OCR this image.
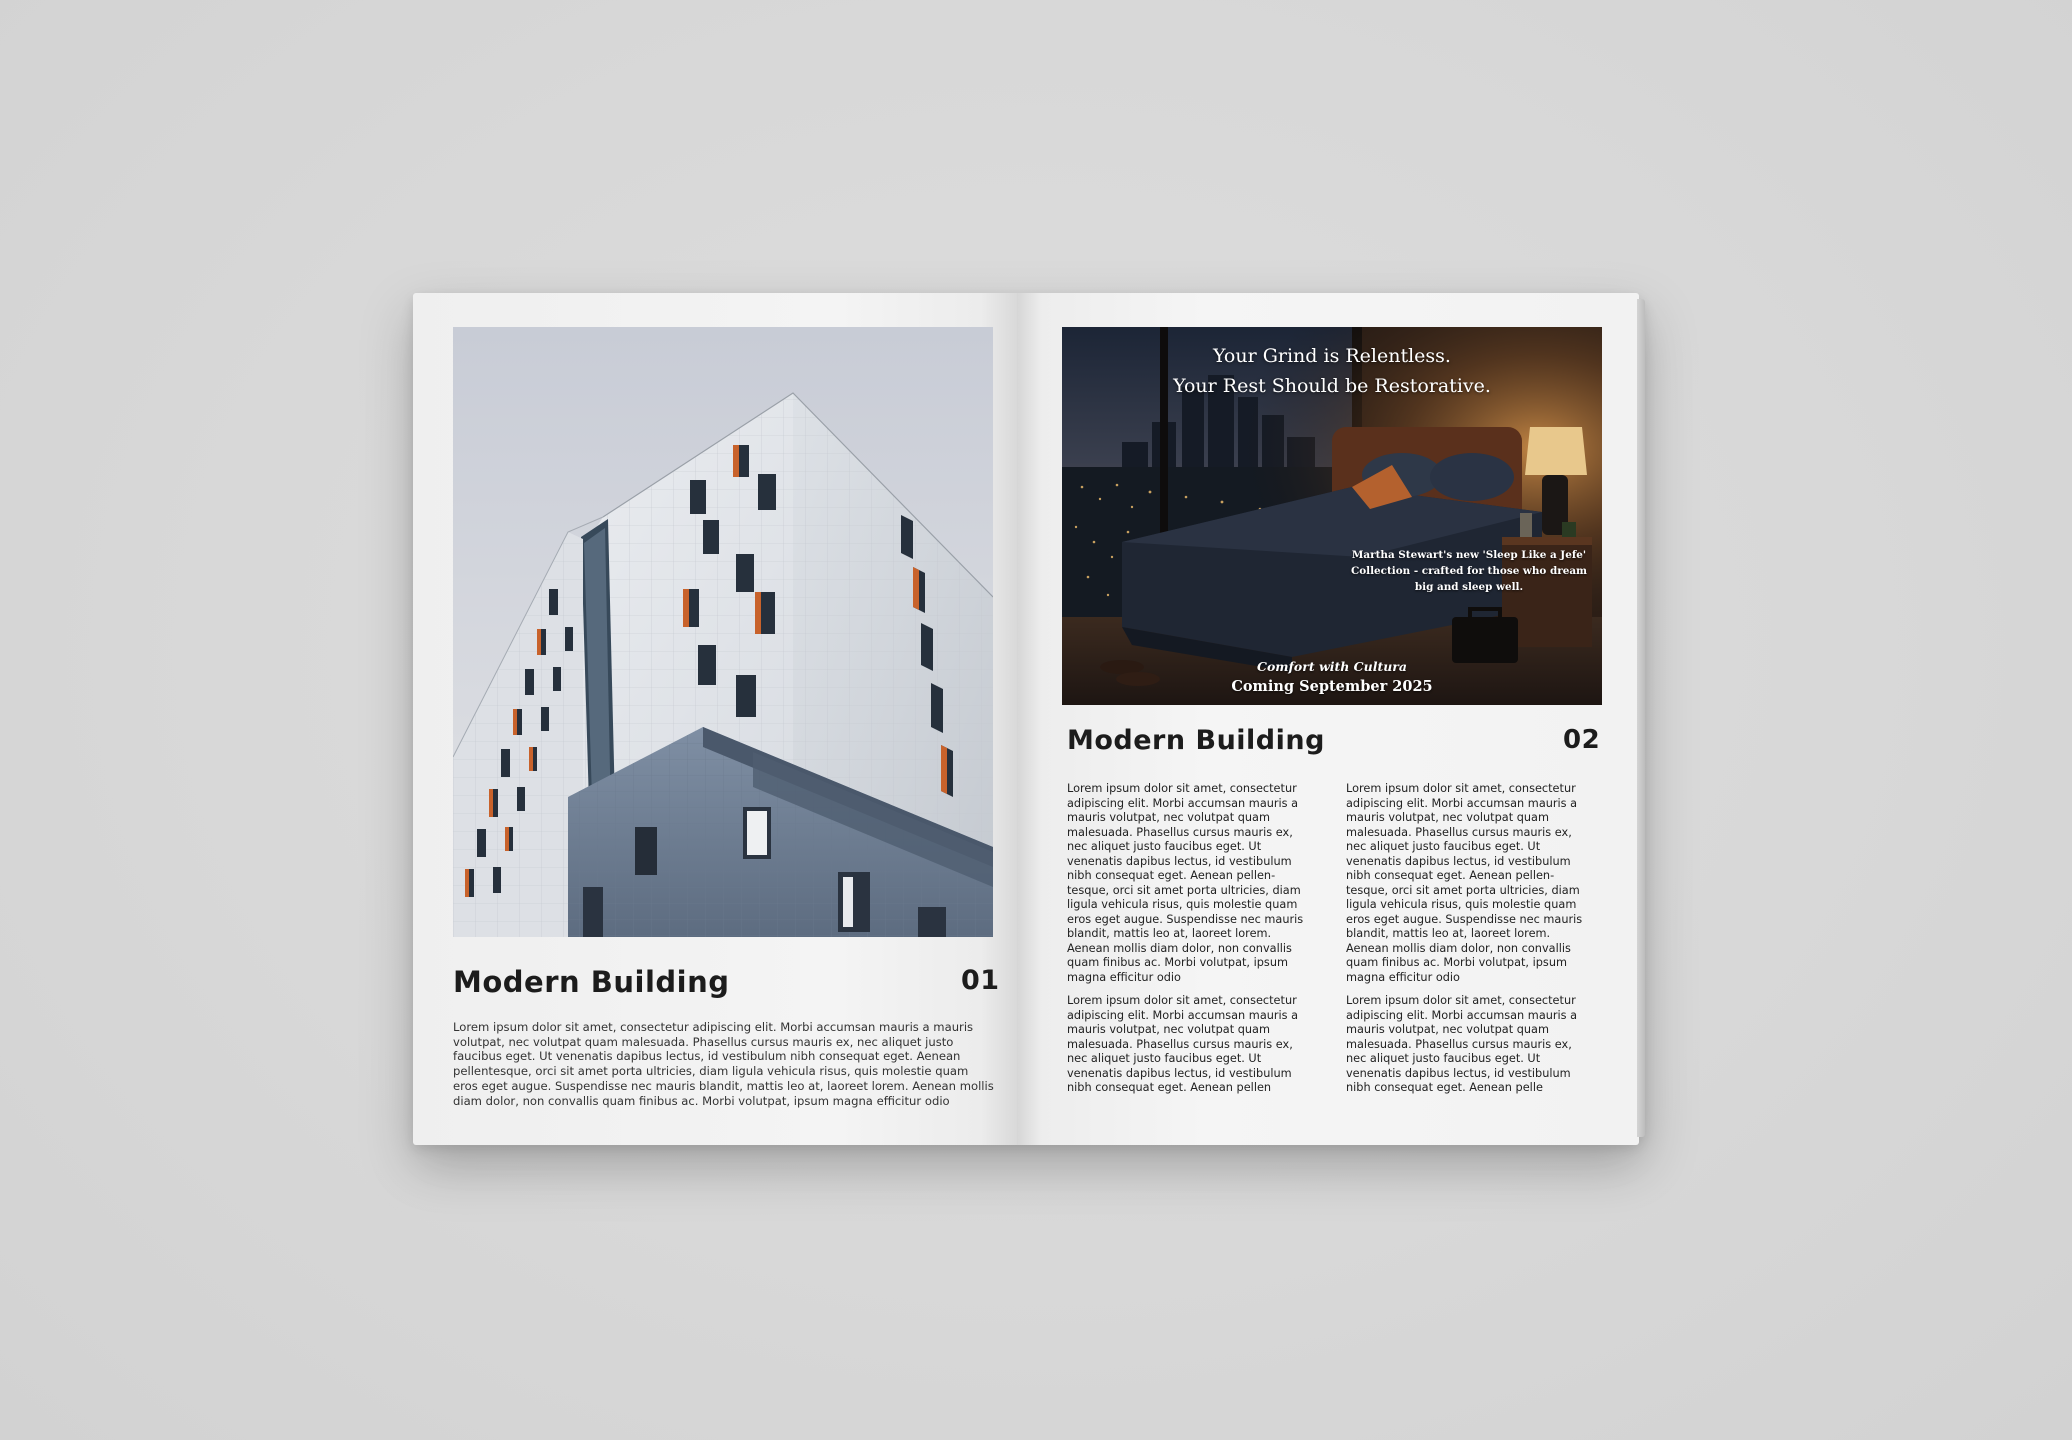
Modern Building	01
Lorem ipsum dolor sit amet, consectetur adipiscing elit. Morbi accumsan mauris a mauris volutpat, nec volutpat quam malesuada. Phasellus cursus mauris ex, nec aliquet justo faucibus eget. Ut venenatis dapibus lectus, id vestibulum nibh consequat eget. Aenean pellentesque, orci sit amet porta ultricies, diam ligula vehicula risus, quis molestie quam eros eget augue. Suspendisse nec mauris blandit, mattis leo at, laoreet lorem. Aenean mollis diam dolor, non convallis quam finibus ac. Morbi volutpat, ipsum magna efficitur odio
Your Grind is Relentless.
Your Rest Should be Restorative.
Martha Stewart's new 'Sleep Like a Jefe' Collection - crafted for those who dream big and sleep well.
Comfort with Cultura
Coming September 2025
Modern Building	02

Lorem ipsum dolor sit amet, consectetur adipiscing elit. Morbi accumsan mauris a mauris volutpat, nec volutpat quam malesuada. Phasellus cursus mauris ex, nec aliquet justo faucibus eget. Ut venenatis dapibus lectus, id vestibulum nibh consequat eget. Aenean pellen-tesque, orci sit amet porta ultricies, diam ligula vehicula risus, quis molestie quam eros eget augue. Suspendisse nec mauris blandit, mattis leo at, laoreet lorem. Aenean mollis diam dolor, non convallis quam finibus ac. Morbi volutpat, ipsum magna efficitur odio

Lorem ipsum dolor sit amet, consectetur adipiscing elit. Morbi accumsan mauris a mauris volutpat, nec volutpat quam malesuada. Phasellus cursus mauris ex, nec aliquet justo faucibus eget. Ut venenatis dapibus lectus, id vestibulum nibh consequat eget. Aenean pellen

Lorem ipsum dolor sit amet, consectetur adipiscing elit. Morbi accumsan mauris a mauris volutpat, nec volutpat quam malesuada. Phasellus cursus mauris ex, nec aliquet justo faucibus eget. Ut venenatis dapibus lectus, id vestibulum nibh consequat eget. Aenean pellen-tesque, orci sit amet porta ultricies, diam ligula vehicula risus, quis molestie quam eros eget augue. Suspendisse nec mauris blandit, mattis leo at, laoreet lorem. Aenean mollis diam dolor, non convallis quam finibus ac. Morbi volutpat, ipsum magna efficitur odio

Lorem ipsum dolor sit amet, consectetur adipiscing elit. Morbi accumsan mauris a mauris volutpat, nec volutpat quam malesuada. Phasellus cursus mauris ex, nec aliquet justo faucibus eget. Ut venenatis dapibus lectus, id vestibulum nibh consequat eget. Aenean pelle
